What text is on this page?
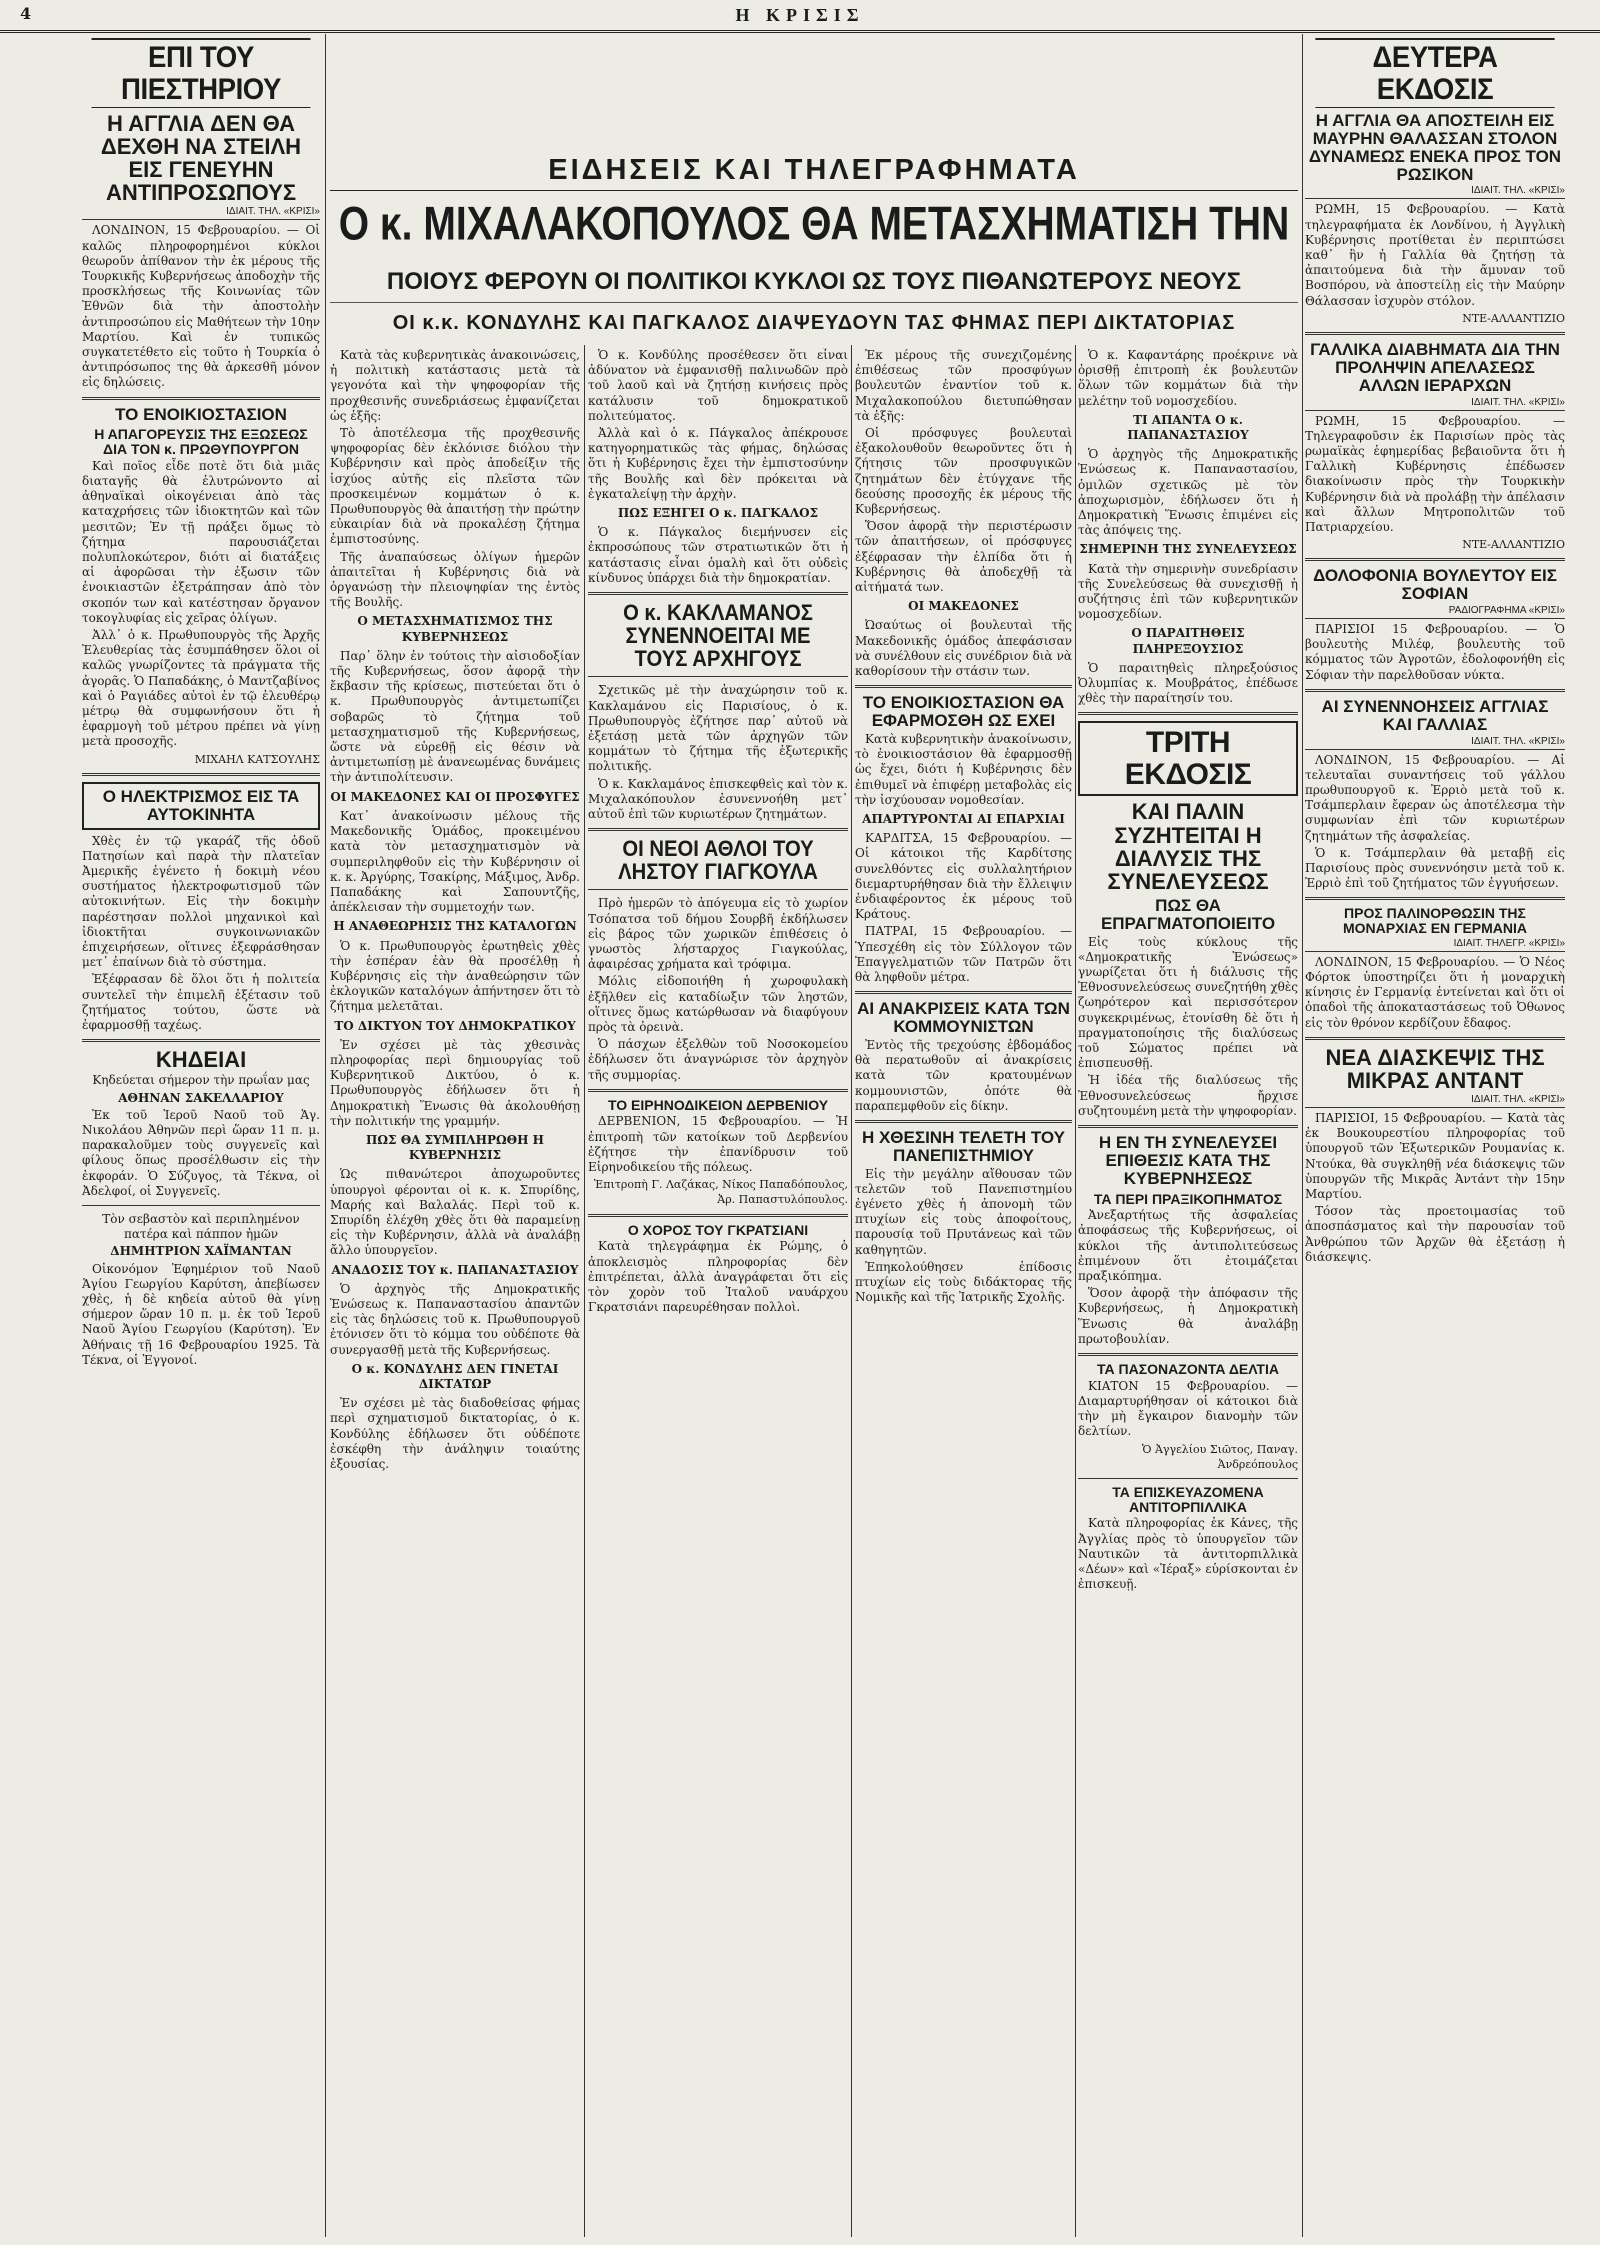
4	Η ΚΡΙΣΙΣ
ΕΙΔΗΣΕΙΣ ΚΑΙ ΤΗΛΕΓΡΑΦΗΜΑΤΑ
Ο κ. ΜΙΧΑΛΑΚΟΠΟΥΛΟΣ ΘΑ ΜΕΤΑΣΧΗΜΑΤΙΣΗ ΤΗΝ
ΠΟΙΟΥΣ ΦΕΡΟΥΝ ΟΙ ΠΟΛΙΤΙΚΟΙ ΚΥΚΛΟΙ ΩΣ ΤΟΥΣ ΠΙΘΑΝΩΤΕΡΟΥΣ ΝΕΟΥΣ
ΟΙ κ.κ. ΚΟΝΔΥΛΗΣ ΚΑΙ ΠΑΓΚΑΛΟΣ ΔΙΑΨΕΥΔΟΥΝ ΤΑΣ ΦΗΜΑΣ ΠΕΡΙ ΔΙΚΤΑΤΟΡΙΑΣ
ΕΠΙ ΤΟΥ ΠΙΕΣΤΗΡΙΟΥ
Η ΑΓΓΛΙΑ ΔΕΝ ΘΑ ΔΕΧΘΗ ΝΑ ΣΤΕΙΛΗ ΕΙΣ ΓΕΝΕΥΗΝ ΑΝΤΙΠΡΟΣΩΠΟΥΣ
ΙΔΙΑΙΤ. ΤΗΛ. «ΚΡΙΣΙ»

ΛΟΝΔΙΝΟΝ, 15 Φεβρουαρίου. — Οἱ καλῶς πληροφορημένοι κύκλοι θεωροῦν ἀπίθανον τὴν ἐκ μέρους τῆς Τουρκικῆς Κυβερνήσεως ἀποδοχὴν τῆς προσκλήσεως τῆς Κοινωνίας τῶν Ἐθνῶν διὰ τὴν ἀποστολὴν ἀντιπροσώπου εἰς Μαθήτεων τὴν 10ην Μαρτίου. Καὶ ἐν τυπικῶς συγκατετέθετο εἰς τοῦτο ἡ Τουρκία ὁ ἀντιπρόσωπος της θὰ ἀρκεσθῆ μόνον εἰς δηλώσεις.

ΤΟ ΕΝΟΙΚΙΟΣΤΑΣΙΟΝ
Η ΑΠΑΓΟΡΕΥΣΙΣ ΤΗΣ ΕΞΩΣΕΩΣ ΔΙΑ ΤΟΝ κ. ΠΡΩΘΥΠΟΥΡΓΟΝ

Καὶ ποῖος εἶδε ποτὲ ὅτι διὰ μιᾶς διαταγῆς θὰ ἐλυτρώνοντο αἱ ἀθηναϊκαὶ οἰκογένειαι ἀπὸ τὰς καταχρήσεις τῶν ἰδιοκτητῶν καὶ τῶν μεσιτῶν; Ἐν τῇ πράξει ὅμως τὸ ζήτημα παρουσιάζεται πολυπλοκώτερον, διότι αἱ διατάξεις αἱ ἀφορῶσαι τὴν ἐξωσιν τῶν ἐνοικιαστῶν ἐξετράπησαν ἀπὸ τὸν σκοπόν των καὶ κατέστησαν ὄργανον τοκογλυφίας εἰς χεῖρας ὀλίγων.

Ἀλλ᾽ ὁ κ. Πρωθυπουργὸς τῆς Ἀρχῆς Ἐλευθερίας τὰς ἐσυμπάθησεν ὅλοι οἱ καλῶς γνωρίζοντες τὰ πράγματα τῆς ἀγορᾶς. Ὁ Παπαδάκης, ὁ Μαντζαβίνος καὶ ὁ Ραγιάδες αὐτοὶ ἐν τῷ ἐλευθέρῳ μέτρῳ θὰ συμφωνήσουν ὅτι ἡ ἐφαρμογὴ τοῦ μέτρου πρέπει νὰ γίνῃ μετὰ προσοχῆς.

ΜΙΧΑΗΛ ΚΑΤΣΟΥΛΗΣ

Ο ΗΛΕΚΤΡΙΣΜΟΣ ΕΙΣ ΤΑ ΑΥΤΟΚΙΝΗΤΑ

Χθὲς ἐν τῷ γκαράζ τῆς ὁδοῦ Πατησίων καὶ παρὰ τὴν πλατεῖαν Ἀμερικῆς ἐγένετο ἡ δοκιμὴ νέου συστήματος ἠλεκτροφωτισμοῦ τῶν αὐτοκινήτων. Εἰς τὴν δοκιμὴν παρέστησαν πολλοὶ μηχανικοὶ καὶ ἰδιοκτῆται συγκοινωνιακῶν ἐπιχειρήσεων, οἵτινες ἐξεφράσθησαν μετ᾽ ἐπαίνων διὰ τὸ σύστημα.

Ἐξέφρασαν δὲ ὅλοι ὅτι ἡ πολιτεία συντελεῖ τὴν ἐπιμελῆ ἐξέτασιν τοῦ ζητήματος τούτου, ὥστε νὰ ἐφαρμοσθῇ ταχέως.

ΚΗΔΕΙΑΙ

Κηδεύεται σήμερον τὴν πρωΐαν μας

ΑΘΗΝΑΝ ΣΑΚΕΛΛΑΡΙΟΥ

Ἐκ τοῦ Ἱεροῦ Ναοῦ τοῦ Ἁγ. Νικολάου Ἀθηνῶν περὶ ὥραν 11 π. μ. παρακαλοῦμεν τοὺς συγγενεῖς καὶ φίλους ὅπως προσέλθωσιν εἰς τὴν ἐκφοράν. Ὁ Σύζυγος, τὰ Τέκνα, οἱ Ἀδελφοί, οἱ Συγγενεῖς.

Τὸν σεβαστὸν καὶ περιπλημένον πατέρα καὶ πάππον ἡμῶν

ΔΗΜΗΤΡΙΟΝ ΧΑΪΜΑΝΤΑΝ

Οἰκονόμον Ἐφημέριον τοῦ Ναοῦ Ἁγίου Γεωργίου Καρύτση, ἀπεβίωσεν χθὲς, ἡ δὲ κηδεία αὐτοῦ θὰ γίνῃ σήμερον ὥραν 10 π. μ. ἐκ τοῦ Ἱεροῦ Ναοῦ Ἁγίου Γεωργίου (Καρύτση). Ἐν Ἀθήναις τῇ 16 Φεβρουαρίου 1925. Τὰ Τέκνα, οἱ Ἐγγονοί.

Κατὰ τὰς κυβερνητικὰς ἀνακοινώσεις, ἡ πολιτικὴ κατάστασις μετὰ τὰ γεγονότα καὶ τὴν ψηφοφορίαν τῆς προχθεσινῆς συνεδριάσεως ἐμφανίζεται ὡς ἑξῆς:

Τὸ ἀποτέλεσμα τῆς προχθεσινῆς ψηφοφορίας δὲν ἐκλόνισε διόλου τὴν Κυβέρνησιν καὶ πρὸς ἀποδείξιν τῆς ἰσχύος αὐτῆς εἰς πλεῖστα τῶν προσκειμένων κομμάτων ὁ κ. Πρωθυπουργὸς θὰ ἀπαιτήσῃ τὴν πρώτην εὐκαιρίαν διὰ νὰ προκαλέσῃ ζήτημα ἐμπιστοσύνης.

Τῆς ἀναπαύσεως ὀλίγων ἡμερῶν ἀπαιτεῖται ἡ Κυβέρνησις διὰ νὰ ὀργανώσῃ τὴν πλειοψηφίαν της ἐντὸς τῆς Βουλῆς.

Ο ΜΕΤΑΣΧΗΜΑΤΙΣΜΟΣ ΤΗΣ ΚΥΒΕΡΝΗΣΕΩΣ

Παρ᾽ ὅλην ἐν τούτοις τὴν αἰσιοδοξίαν τῆς Κυβερνήσεως, ὅσον ἀφορᾷ τὴν ἔκβασιν τῆς κρίσεως, πιστεύεται ὅτι ὁ κ. Πρωθυπουργὸς ἀντιμετωπίζει σοβαρῶς τὸ ζήτημα τοῦ μετασχηματισμοῦ τῆς Κυβερνήσεως, ὥστε νὰ εὑρεθῇ εἰς θέσιν νὰ ἀντιμετωπίσῃ μὲ ἀνανεωμένας δυνάμεις τὴν ἀντιπολίτευσιν.

ΟΙ ΜΑΚΕΔΟΝΕΣ ΚΑΙ ΟΙ ΠΡΟΣΦΥΓΕΣ

Κατ᾽ ἀνακοίνωσιν μέλους τῆς Μακεδονικῆς Ὁμάδος, προκειμένου κατὰ τὸν μετασχηματισμὸν νὰ συμπεριληφθοῦν εἰς τὴν Κυβέρνησιν οἱ κ. κ. Ἀργύρης, Τσακίρης, Μάξιμος, Ἀνδρ. Παπαδάκης καὶ Σαπουντζῆς, ἀπέκλεισαν τὴν συμμετοχήν των.

Η ΑΝΑΘΕΩΡΗΣΙΣ ΤΗΣ ΚΑΤΑΛΟΓΩΝ

Ὁ κ. Πρωθυπουργὸς ἐρωτηθεὶς χθὲς τὴν ἑσπέραν ἐὰν θὰ προσέλθῃ ἡ Κυβέρνησις εἰς τὴν ἀναθεώρησιν τῶν ἐκλογικῶν καταλόγων ἀπήντησεν ὅτι τὸ ζήτημα μελετᾶται.

ΤΟ ΔΙΚΤΥΟΝ ΤΟΥ ΔΗΜΟΚΡΑΤΙΚΟΥ

Ἐν σχέσει μὲ τὰς χθεσινὰς πληροφορίας περὶ δημιουργίας τοῦ Κυβερνητικοῦ Δικτύου, ὁ κ. Πρωθυπουργὸς ἐδήλωσεν ὅτι ἡ Δημοκρατικὴ Ἕνωσις θὰ ἀκολουθήσῃ τὴν πολιτικήν της γραμμήν.

ΠΩΣ ΘΑ ΣΥΜΠΛΗΡΩΘΗ Η ΚΥΒΕΡΝΗΣΙΣ

Ὡς πιθανώτεροι ἀποχωροῦντες ὑπουργοὶ φέρονται οἱ κ. κ. Σπυρίδης, Μαρής καὶ Βαλαλάς. Περὶ τοῦ κ. Σπυρίδη ἐλέχθη χθὲς ὅτι θὰ παραμείνῃ εἰς τὴν Κυβέρνησιν, ἀλλὰ νὰ ἀναλάβῃ ἄλλο ὑπουργεῖον.

ΑΝΑΔΟΣΙΣ ΤΟΥ κ. ΠΑΠΑΝΑΣΤΑΣΙΟΥ

Ὁ ἀρχηγὸς τῆς Δημοκρατικῆς Ἑνώσεως κ. Παπαναστασίου ἀπαντῶν εἰς τὰς δηλώσεις τοῦ κ. Πρωθυπουργοῦ ἐτόνισεν ὅτι τὸ κόμμα του οὐδέποτε θὰ συνεργασθῇ μετὰ τῆς Κυβερνήσεως.

Ο κ. ΚΟΝΔΥΛΗΣ ΔΕΝ ΓΙΝΕΤΑΙ ΔΙΚΤΑΤΩΡ

Ἐν σχέσει μὲ τὰς διαδοθείσας φήμας περὶ σχηματισμοῦ δικτατορίας, ὁ κ. Κονδύλης ἐδήλωσεν ὅτι οὐδέποτε ἐσκέφθη τὴν ἀνάληψιν τοιαύτης ἐξουσίας.

Ὁ κ. Κονδύλης προσέθεσεν ὅτι εἶναι ἀδύνατον νὰ ἐμφανισθῇ παλινωδῶν πρὸ τοῦ λαοῦ καὶ νὰ ζητήσῃ κινήσεις πρὸς κατάλυσιν τοῦ δημοκρατικοῦ πολιτεύματος.

Ἀλλὰ καὶ ὁ κ. Πάγκαλος ἀπέκρουσε κατηγορηματικῶς τὰς φήμας, δηλώσας ὅτι ἡ Κυβέρνησις ἔχει τὴν ἐμπιστοσύνην τῆς Βουλῆς καὶ δὲν πρόκειται νὰ ἐγκαταλείψῃ τὴν ἀρχὴν.

ΠΩΣ ΕΞΗΓΕΙ Ο κ. ΠΑΓΚΑΛΟΣ

Ὁ κ. Πάγκαλος διεμήνυσεν εἰς ἐκπροσώπους τῶν στρατιωτικῶν ὅτι ἡ κατάστασις εἶναι ὁμαλὴ καὶ ὅτι οὐδεὶς κίνδυνος ὑπάρχει διὰ τὴν δημοκρατίαν.

Ο κ. ΚΑΚΛΑΜΑΝΟΣ ΣΥΝΕΝΝΟΕΙΤΑΙ ΜΕ ΤΟΥΣ ΑΡΧΗΓΟΥΣ

Σχετικῶς μὲ τὴν ἀναχώρησιν τοῦ κ. Κακλαμάνου εἰς Παρισίους, ὁ κ. Πρωθυπουργὸς ἐζήτησε παρ᾽ αὐτοῦ νὰ ἐξετάσῃ μετὰ τῶν ἀρχηγῶν τῶν κομμάτων τὸ ζήτημα τῆς ἐξωτερικῆς πολιτικῆς.

Ὁ κ. Κακλαμάνος ἐπισκεφθεὶς καὶ τὸν κ. Μιχαλακόπουλον ἐσυνεννοήθη μετ᾽ αὐτοῦ ἐπὶ τῶν κυριωτέρων ζητημάτων.

ΟΙ ΝΕΟΙ ΑΘΛΟΙ ΤΟΥ ΛΗΣΤΟΥ ΓΙΑΓΚΟΥΛΑ

Πρὸ ἡμερῶν τὸ ἀπόγευμα εἰς τὸ χωρίον Τσόπατσα τοῦ δήμου Σουρβῆ ἐκδήλωσεν εἰς βάρος τῶν χωρικῶν ἐπιθέσεις ὁ γνωστὸς λήσταρχος Γιαγκούλας, ἀφαιρέσας χρήματα καὶ τρόφιμα.

Μόλις εἰδοποιήθη ἡ χωροφυλακὴ ἐξῆλθεν εἰς καταδίωξιν τῶν ληστῶν, οἵτινες ὅμως κατώρθωσαν νὰ διαφύγουν πρὸς τὰ ὀρεινὰ.

Ὁ πάσχων ἐξελθὼν τοῦ Νοσοκομείου ἐδήλωσεν ὅτι ἀναγνώρισε τὸν ἀρχηγὸν τῆς συμμορίας.

ΤΟ ΕΙΡΗΝΟΔΙΚΕΙΟΝ ΔΕΡΒΕΝΙΟΥ

ΔΕΡΒΕΝΙΟΝ, 15 Φεβρουαρίου. — Ἡ ἐπιτροπὴ τῶν κατοίκων τοῦ Δερβενίου ἐζήτησε τὴν ἐπανίδρυσιν τοῦ Εἰρηνοδικείου τῆς πόλεως.

Ἐπιτροπὴ Γ. Λαζάκας, Νίκος Παπαδόπουλος, Ἀρ. Παπαστυλόπουλος.

Ο ΧΟΡΟΣ ΤΟΥ ΓΚΡΑΤΣΙΑΝΙ

Κατὰ τηλεγράφημα ἐκ Ρώμης, ὁ ἀποκλεισμὸς πληροφορίας δὲν ἐπιτρέπεται, ἀλλὰ ἀναγράφεται ὅτι εἰς τὸν χορὸν τοῦ Ἰταλοῦ ναυάρχου Γκρατσιάνι παρευρέθησαν πολλοὶ.

Ἐκ μέρους τῆς συνεχιζομένης ἐπιθέσεως τῶν προσφύγων βουλευτῶν ἐναντίον τοῦ κ. Μιχαλακοπούλου διετυπώθησαν τὰ ἑξῆς:

Οἱ πρόσφυγες βουλευταὶ ἐξακολουθοῦν θεωροῦντες ὅτι ἡ ζήτησις τῶν προσφυγικῶν ζητημάτων δὲν ἐτύγχανε τῆς δεούσης προσοχῆς ἐκ μέρους τῆς Κυβερνήσεως.

Ὅσον ἀφορᾷ τὴν περιστέρωσιν τῶν ἀπαιτήσεων, οἱ πρόσφυγες ἐξέφρασαν τὴν ἐλπίδα ὅτι ἡ Κυβέρνησις θὰ ἀποδεχθῇ τὰ αἰτήματά των.

ΟΙ ΜΑΚΕΔΟΝΕΣ

Ὠσαύτως οἱ βουλευταὶ τῆς Μακεδονικῆς ὁμάδος ἀπεφάσισαν νὰ συνέλθουν εἰς συνέδριον διὰ νὰ καθορίσουν τὴν στάσιν των.

ΤΟ ΕΝΟΙΚΙΟΣΤΑΣΙΟΝ ΘΑ ΕΦΑΡΜΟΣΘΗ ΩΣ ΕΧΕΙ

Κατὰ κυβερνητικὴν ἀνακοίνωσιν, τὸ ἐνοικιοστάσιον θὰ ἐφαρμοσθῇ ὡς ἔχει, διότι ἡ Κυβέρνησις δὲν ἐπιθυμεῖ νὰ ἐπιφέρῃ μεταβολὰς εἰς τὴν ἰσχύουσαν νομοθεσίαν.

ΑΠΑΡΤΥΡΟΝΤΑΙ ΑΙ ΕΠΑΡΧΙΑΙ

ΚΑΡΔΙΤΣΑ, 15 Φεβρουαρίου. — Οἱ κάτοικοι τῆς Καρδίτσης συνελθόντες εἰς συλλαλητήριον διεμαρτυρήθησαν διὰ τὴν ἔλλειψιν ἐνδιαφέροντος ἐκ μέρους τοῦ Κράτους.

ΠΑΤΡΑΙ, 15 Φεβρουαρίου. — Ὑπεσχέθη εἰς τὸν Σύλλογον τῶν Ἐπαγγελματιῶν τῶν Πατρῶν ὅτι θὰ ληφθοῦν μέτρα.

ΑΙ ΑΝΑΚΡΙΣΕΙΣ ΚΑΤΑ ΤΩΝ ΚΟΜΜΟΥΝΙΣΤΩΝ

Ἐντὸς τῆς τρεχούσης ἑβδομάδος θὰ περατωθοῦν αἱ ἀνακρίσεις κατὰ τῶν κρατουμένων κομμουνιστῶν, ὁπότε θὰ παραπεμφθοῦν εἰς δίκην.

Η ΧΘΕΣΙΝΗ ΤΕΛΕΤΗ ΤΟΥ ΠΑΝΕΠΙΣΤΗΜΙΟΥ

Εἰς τὴν μεγάλην αἴθουσαν τῶν τελετῶν τοῦ Πανεπιστημίου ἐγένετο χθὲς ἡ ἀπονομὴ τῶν πτυχίων εἰς τοὺς ἀποφοίτους, παρουσίᾳ τοῦ Πρυτάνεως καὶ τῶν καθηγητῶν.

Ἐπηκολούθησεν ἐπίδοσις πτυχίων εἰς τοὺς διδάκτορας τῆς Νομικῆς καὶ τῆς Ἰατρικῆς Σχολῆς.

Ὁ κ. Καφαντάρης προέκρινε νὰ ὁρισθῇ ἐπιτροπὴ ἐκ βουλευτῶν ὅλων τῶν κομμάτων διὰ τὴν μελέτην τοῦ νομοσχεδίου.

ΤΙ ΑΠΑΝΤΑ Ο κ. ΠΑΠΑΝΑΣΤΑΣΙΟΥ

Ὁ ἀρχηγὸς τῆς Δημοκρατικῆς Ἑνώσεως κ. Παπαναστασίου, ὁμιλῶν σχετικῶς μὲ τὸν ἀποχωρισμὸν, ἐδήλωσεν ὅτι ἡ Δημοκρατικὴ Ἕνωσις ἐπιμένει εἰς τὰς ἀπόψεις της.

ΣΗΜΕΡΙΝΗ ΤΗΣ ΣΥΝΕΛΕΥΣΕΩΣ

Κατὰ τὴν σημερινὴν συνεδρίασιν τῆς Συνελεύσεως θὰ συνεχισθῇ ἡ συζήτησις ἐπὶ τῶν κυβερνητικῶν νομοσχεδίων.

Ο ΠΑΡΑΙΤΗΘΕΙΣ ΠΛΗΡΕΞΟΥΣΙΟΣ

Ὁ παραιτηθεὶς πληρεξούσιος Ὀλυμπίας κ. Μουβράτος, ἐπέδωσε χθὲς τὴν παραίτησίν του.

ΤΡΙΤΗ ΕΚΔΟΣΙΣ
ΚΑΙ ΠΑΛΙΝ ΣΥΖΗΤΕΙΤΑΙ Η ΔΙΑΛΥΣΙΣ ΤΗΣ ΣΥΝΕΛΕΥΣΕΩΣ
ΠΩΣ ΘΑ ΕΠΡΑΓΜΑΤΟΠΟΙΕΙΤΟ

Εἰς τοὺς κύκλους τῆς «Δημοκρατικῆς Ἑνώσεως» γνωρίζεται ὅτι ἡ διάλυσις τῆς Ἐθνοσυνελεύσεως συνεζητήθη χθὲς ζωηρότερον καὶ περισσότερον συγκεκριμένως, ἐτονίσθη δὲ ὅτι ἡ πραγματοποίησις τῆς διαλύσεως τοῦ Σώματος πρέπει νὰ ἐπισπευσθῇ.

Ἡ ἰδέα τῆς διαλύσεως τῆς Ἐθνοσυνελεύσεως ἤρχισε συζητουμένη μετὰ τὴν ψηφοφορίαν.

Η ΕΝ ΤΗ ΣΥΝΕΛΕΥΣΕΙ ΕΠΙΘΕΣΙΣ ΚΑΤΑ ΤΗΣ ΚΥΒΕΡΝΗΣΕΩΣ
ΤΑ ΠΕΡΙ ΠΡΑΞΙΚΟΠΗΜΑΤΟΣ

Ἀνεξαρτήτως τῆς ἀσφαλείας ἀποφάσεως τῆς Κυβερνήσεως, οἱ κύκλοι τῆς ἀντιπολιτεύσεως ἐπιμένουν ὅτι ἐτοιμάζεται πραξικόπημα.

Ὅσον ἀφορᾷ τὴν ἀπόφασιν τῆς Κυβερνήσεως, ἡ Δημοκρατικὴ Ἕνωσις θὰ ἀναλάβῃ πρωτοβουλίαν.

ΤΑ ΠΑΣΟΝΑΖΟΝΤΑ ΔΕΛΤΙΑ

ΚΙΑΤΟΝ 15 Φεβρουαρίου. — Διαμαρτυρήθησαν οἱ κάτοικοι διὰ τὴν μὴ ἔγκαιρον διανομὴν τῶν δελτίων.

Ὁ Ἀγγελίου Σιῶτος, Παναγ. Ἀνδρεόπουλος

ΤΑ ΕΠΙΣΚΕΥΑΖΟΜΕΝΑ ΑΝΤΙΤΟΡΠΙΛΛΙΚΑ

Κατὰ πληροφορίας ἐκ Κάνες, τῆς Ἀγγλίας πρὸς τὸ ὑπουργεῖον τῶν Ναυτικῶν τὰ ἀντιτορπιλλικὰ «Δέων» καὶ «Ἱέραξ» εὑρίσκονται ἐν ἐπισκευῇ.

ΔΕΥΤΕΡΑ ΕΚΔΟΣΙΣ
Η ΑΓΓΛΙΑ ΘΑ ΑΠΟΣΤΕΙΛΗ ΕΙΣ ΜΑΥΡΗΝ ΘΑΛΑΣΣΑΝ ΣΤΟΛΟΝ ΔΥΝΑΜΕΩΣ ΕΝΕΚΑ ΠΡΟΣ ΤΟΝ ΡΩΣΙΚΟΝ
ΙΔΙΑΙΤ. ΤΗΛ. «ΚΡΙΣΙ»

ΡΩΜΗ, 15 Φεβρουαρίου. — Κατὰ τηλεγραφήματα ἐκ Λονδίνου, ἡ Ἀγγλικὴ Κυβέρνησις προτίθεται ἐν περιπτώσει καθ᾽ ἣν ἡ Γαλλία θὰ ζητήσῃ τὰ ἀπαιτούμενα διὰ τὴν ἄμυναν τοῦ Βοσπόρου, νὰ ἀποστείλῃ εἰς τὴν Μαύρην Θάλασσαν ἰσχυρὸν στόλον.

ΝΤΕ-ΑΛΛΑΝΤΙΖΙΟ

ΓΑΛΛΙΚΑ ΔΙΑΒΗΜΑΤΑ ΔΙΑ ΤΗΝ ΠΡΟΛΗΨΙΝ ΑΠΕΛΑΣΕΩΣ ΑΛΛΩΝ ΙΕΡΑΡΧΩΝ
ΙΔΙΑΙΤ. ΤΗΛ. «ΚΡΙΣΙ»

ΡΩΜΗ, 15 Φεβρουαρίου. — Τηλεγραφοῦσιν ἐκ Παρισίων πρὸς τὰς ρωμαϊκὰς ἐφημερίδας βεβαιοῦντα ὅτι ἡ Γαλλικὴ Κυβέρνησις ἐπέδωσεν διακοίνωσιν πρὸς τὴν Τουρκικὴν Κυβέρνησιν διὰ νὰ προλάβῃ τὴν ἀπέλασιν καὶ ἄλλων Μητροπολιτῶν τοῦ Πατριαρχείου.

ΝΤΕ-ΑΛΛΑΝΤΙΖΙΟ

ΔΟΛΟΦΟΝΙΑ ΒΟΥΛΕΥΤΟΥ ΕΙΣ ΣΟΦΙΑΝ
ΡΑΔΙΟΓΡΑΦΗΜΑ «ΚΡΙΣΙ»

ΠΑΡΙΣΙΟΙ 15 Φεβρουαρίου. — Ὁ βουλευτὴς Μιλέφ, βουλευτὴς τοῦ κόμματος τῶν Ἀγροτῶν, ἐδολοφονήθη εἰς Σόφιαν τὴν παρελθοῦσαν νύκτα.

ΑΙ ΣΥΝΕΝΝΟΗΣΕΙΣ ΑΓΓΛΙΑΣ ΚΑΙ ΓΑΛΛΙΑΣ
ΙΔΙΑΙΤ. ΤΗΛ. «ΚΡΙΣΙ»

ΛΟΝΔΙΝΟΝ, 15 Φεβρουαρίου. — Αἱ τελευταῖαι συναντήσεις τοῦ γάλλου πρωθυπουργοῦ κ. Ἐρριὸ μετὰ τοῦ κ. Τσάμπερλαιν ἔφεραν ὡς ἀποτέλεσμα τὴν συμφωνίαν ἐπὶ τῶν κυριωτέρων ζητημάτων τῆς ἀσφαλείας.

Ὁ κ. Τσάμπερλαιν θὰ μεταβῇ εἰς Παρισίους πρὸς συνεννόησιν μετὰ τοῦ κ. Ἐρριὸ ἐπὶ τοῦ ζητήματος τῶν ἐγγυήσεων.

ΠΡΟΣ ΠΑΛΙΝΟΡΘΩΣΙΝ ΤΗΣ ΜΟΝΑΡΧΙΑΣ ΕΝ ΓΕΡΜΑΝΙΑ
ΙΔΙΑΙΤ. ΤΗΛΕΓΡ. «ΚΡΙΣΙ»

ΛΟΝΔΙΝΟΝ, 15 Φεβρουαρίου. — Ὁ Νέος Φόρτοκ ὑποστηρίζει ὅτι ἡ μοναρχικὴ κίνησις ἐν Γερμανίᾳ ἐντείνεται καὶ ὅτι οἱ ὀπαδοὶ τῆς ἀποκαταστάσεως τοῦ Ὀθωνος εἰς τὸν θρόνον κερδίζουν ἔδαφος.

ΝΕΑ ΔΙΑΣΚΕΨΙΣ ΤΗΣ ΜΙΚΡΑΣ ΑΝΤΑΝΤ
ΙΔΙΑΙΤ. ΤΗΛ. «ΚΡΙΣΙ»

ΠΑΡΙΣΙΟΙ, 15 Φεβρουαρίου. — Κατὰ τὰς ἐκ Βουκουρεστίου πληροφορίας τοῦ ὑπουργοῦ τῶν Ἐξωτερικῶν Ρουμανίας κ. Ντούκα, θὰ συγκληθῇ νέα διάσκεψις τῶν ὑπουργῶν τῆς Μικρᾶς Ἀντάντ τὴν 15ην Μαρτίου.

Τόσον τὰς προετοιμασίας τοῦ ἀποσπάσματος καὶ τὴν παρουσίαν τοῦ Ἀνθρώπου τῶν Ἀρχῶν θὰ ἐξετάσῃ ἡ διάσκεψις.
